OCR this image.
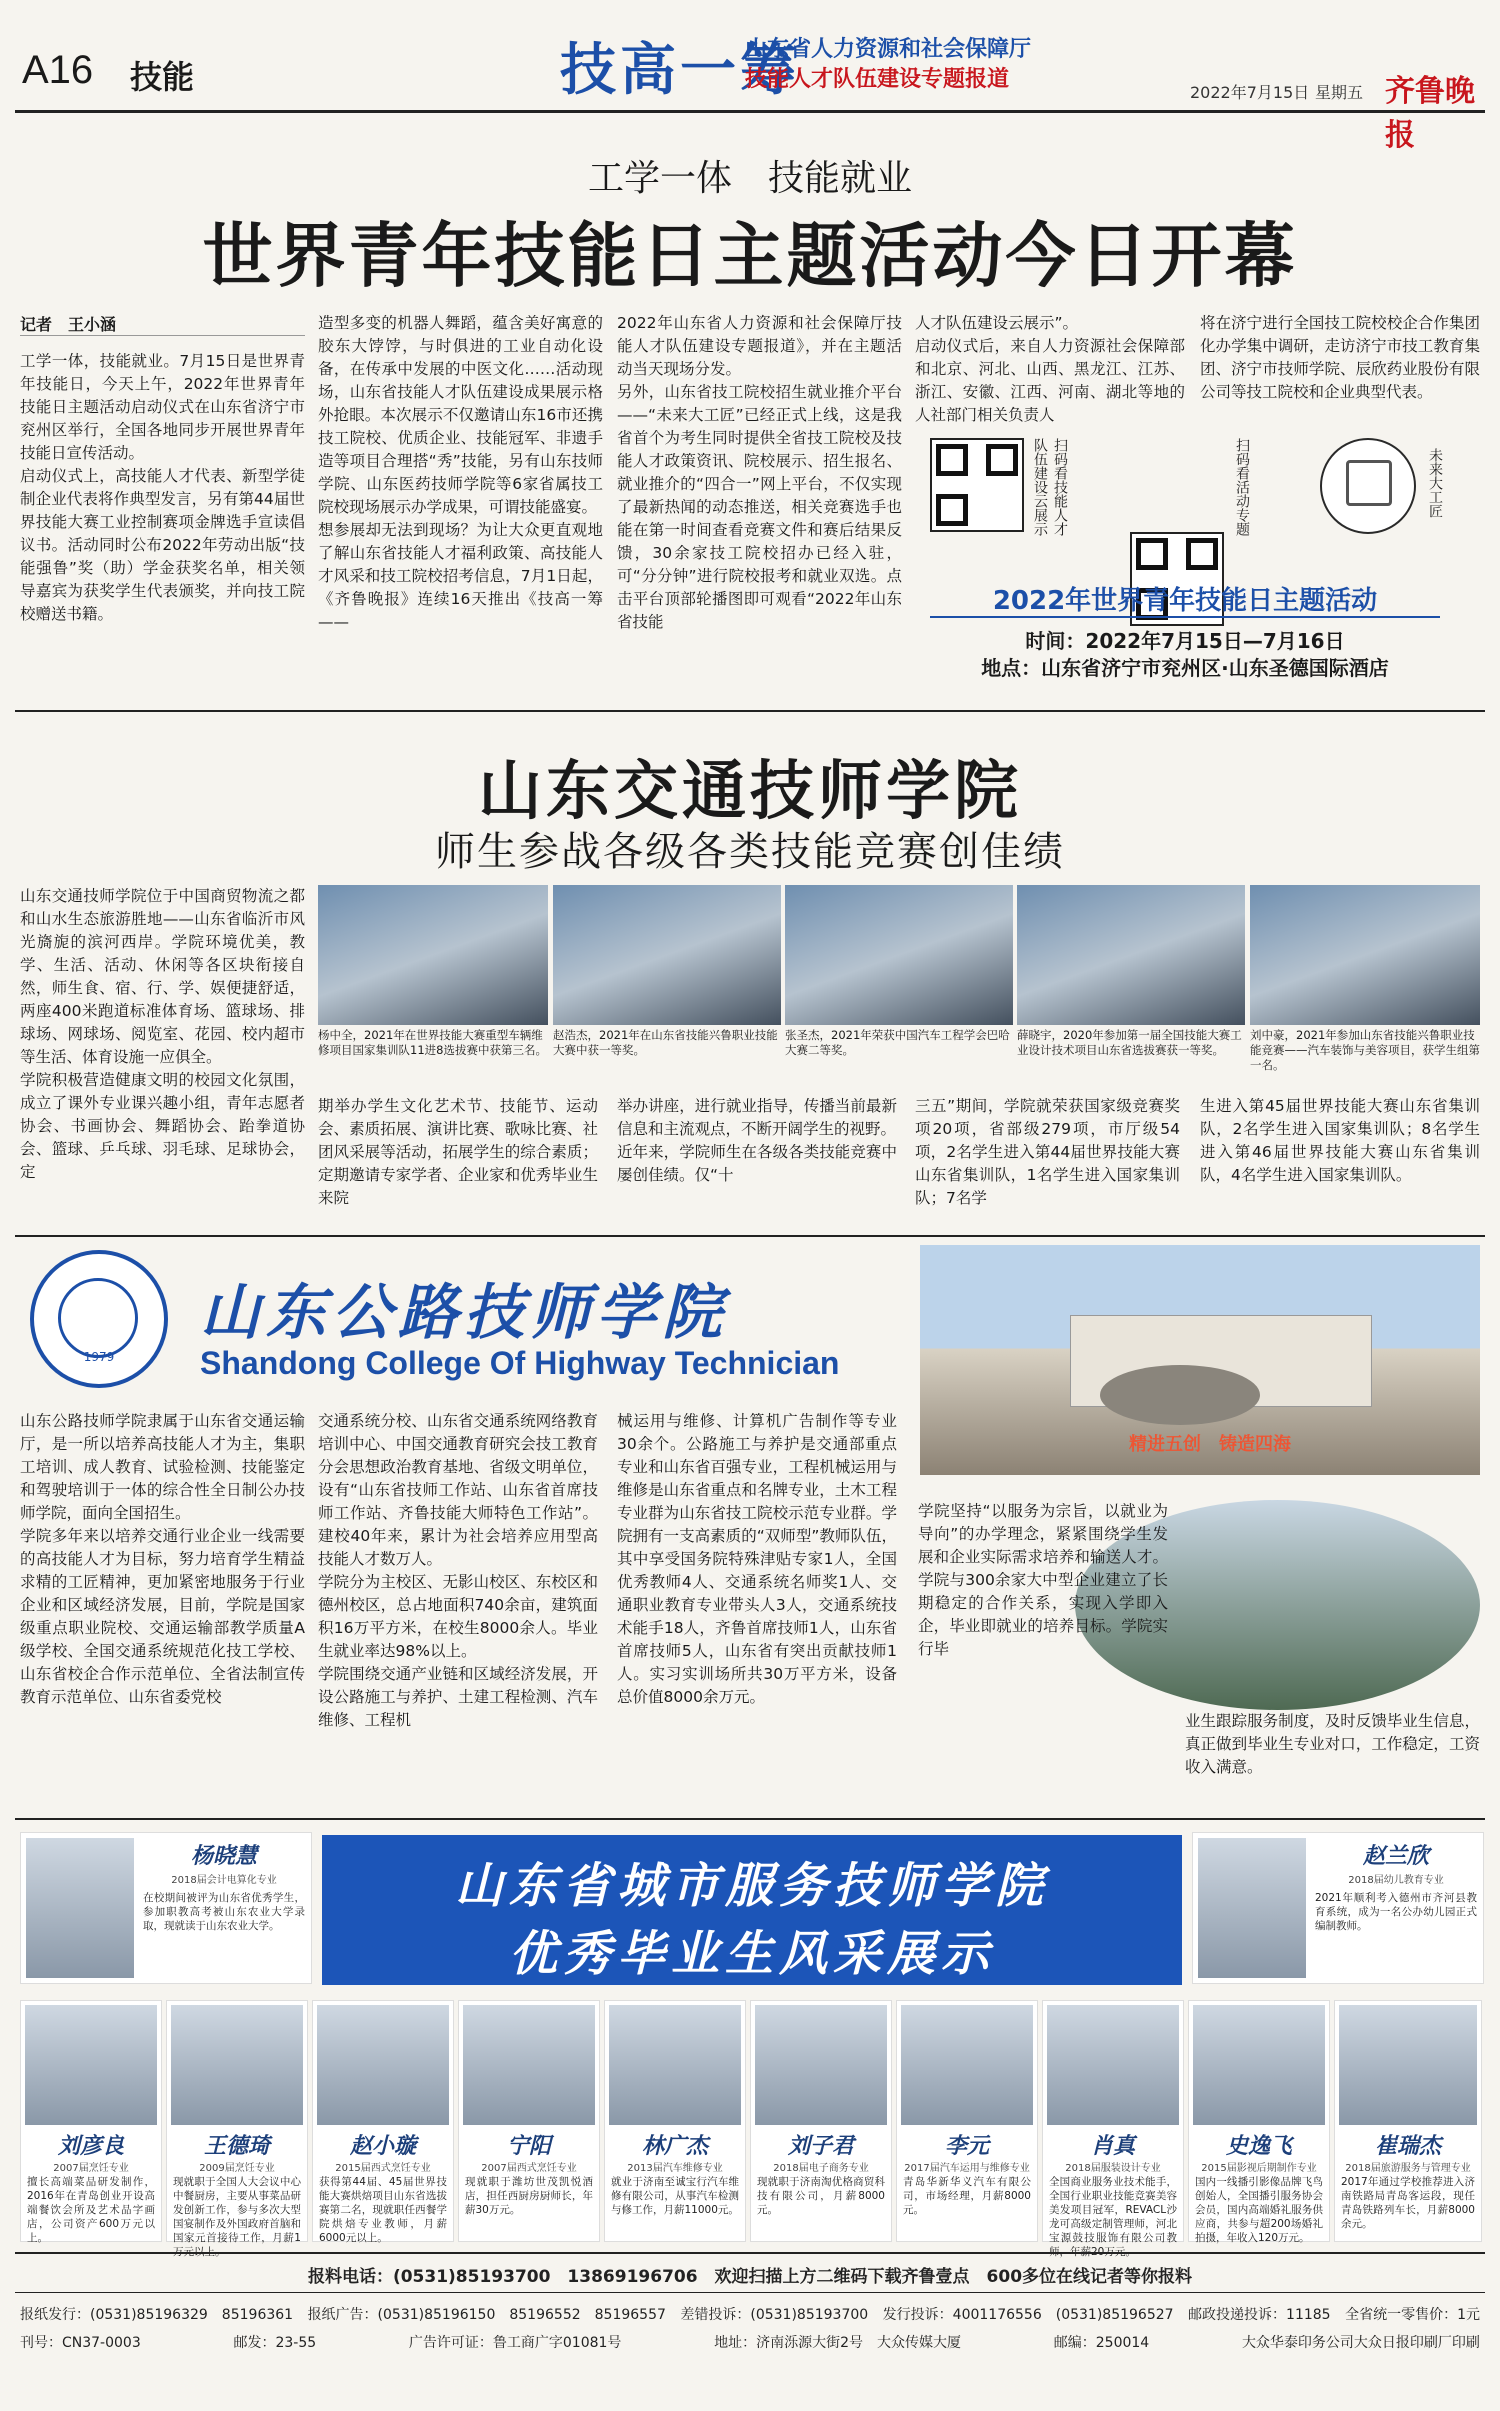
A16 技能	技高一筹
山东省人力资源和社会保障厅
技能人才队伍建设专题报道
2022年7月15日 星期五 齐鲁晚报
工学一体　技能就业
世界青年技能日主题活动今日开幕
记者　王小涵
工学一体，技能就业。7月15日是世界青年技能日，今天上午，2022年世界青年技能日主题活动启动仪式在山东省济宁市兖州区举行，全国各地同步开展世界青年技能日宣传活动。
启动仪式上，高技能人才代表、新型学徒制企业代表将作典型发言，另有第44届世界技能大赛工业控制赛项金牌选手宣读倡议书。活动同时公布2022年劳动出版“技能强鲁”奖（助）学金获奖名单，相关领导嘉宾为获奖学生代表颁奖，并向技工院校赠送书籍。
造型多变的机器人舞蹈，蕴含美好寓意的胶东大饽饽，与时俱进的工业自动化设备，在传承中发展的中医文化……活动现场，山东省技能人才队伍建设成果展示格外抢眼。本次展示不仅邀请山东16市还携技工院校、优质企业、技能冠军、非遗手造等项目合理搭“秀”技能，另有山东技师学院、山东医药技师学院等6家省属技工院校现场展示办学成果，可谓技能盛宴。
想参展却无法到现场？为让大众更直观地了解山东省技能人才福利政策、高技能人才风采和技工院校招考信息，7月1日起，《齐鲁晚报》连续16天推出《技高一筹——
2022年山东省人力资源和社会保障厅技能人才队伍建设专题报道》，并在主题活动当天现场分发。
另外，山东省技工院校招生就业推介平台——“未来大工匠”已经正式上线，这是我省首个为考生同时提供全省技工院校及技能人才政策资讯、院校展示、招生报名、就业推介的“四合一”网上平台，不仅实现了最新热闻的动态推送，相关竞赛选手也能在第一时间查看竞赛文件和赛后结果反馈，30余家技工院校招办已经入驻，可“分分钟”进行院校报考和就业双选。点击平台顶部轮播图即可观看“2022年山东省技能
人才队伍建设云展示”。
启动仪式后，来自人力资源社会保障部和北京、河北、山西、黑龙江、江苏、浙江、安徽、江西、河南、湖北等地的人社部门相关负责人
将在济宁进行全国技工院校校企合作集团化办学集中调研，走访济宁市技工教育集团、济宁市技师学院、辰欣药业股份有限公司等技工院校和企业典型代表。
扫码看技能人才队伍建设云展示	扫码看活动专题	未来大工匠
2022年世界青年技能日主题活动
时间：2022年7月15日—7月16日
地点：山东省济宁市兖州区·山东圣德国际酒店
山东交通技师学院
师生参战各级各类技能竞赛创佳绩
山东交通技师学院位于中国商贸物流之都和山水生态旅游胜地——山东省临沂市风光旖旎的滨河西岸。学院环境优美，教学、生活、活动、休闲等各区块衔接自然，师生食、宿、行、学、娱便捷舒适，两座400米跑道标准体育场、篮球场、排球场、网球场、阅览室、花园、校内超市等生活、体育设施一应俱全。
学院积极营造健康文明的校园文化氛围，成立了课外专业课兴趣小组，青年志愿者协会、书画协会、舞蹈协会、跆拳道协会、篮球、乒乓球、羽毛球、足球协会，定
杨中全，2021年在世界技能大赛重型车辆维修项目国家集训队11进8选拔赛中获第三名。
赵浩杰，2021年在山东省技能兴鲁职业技能大赛中获一等奖。
张圣杰，2021年荣获中国汽车工程学会巴哈大赛二等奖。
薛晓宇，2020年参加第一届全国技能大赛工业设计技术项目山东省选拔赛获一等奖。
刘中豪，2021年参加山东省技能兴鲁职业技能竞赛——汽车装饰与美容项目，获学生组第一名。
期举办学生文化艺术节、技能节、运动会、素质拓展、演讲比赛、歌咏比赛、社团风采展等活动，拓展学生的综合素质；定期邀请专家学者、企业家和优秀毕业生来院
举办讲座，进行就业指导，传播当前最新信息和主流观点，不断开阔学生的视野。
近年来，学院师生在各级各类技能竞赛中屡创佳绩。仅“十
三五”期间，学院就荣获国家级竞赛奖项20项，省部级279项，市厅级54项，2名学生进入第44届世界技能大赛山东省集训队，1名学生进入国家集训队；7名学
生进入第45届世界技能大赛山东省集训队，2名学生进入国家集训队；8名学生进入第46届世界技能大赛山东省集训队，4名学生进入国家集训队。
1979
山东公路技师学院
Shandong College Of Highway Technician
精进五创　铸造四海
山东公路技师学院隶属于山东省交通运输厅，是一所以培养高技能人才为主，集职工培训、成人教育、试验检测、技能鉴定和驾驶培训于一体的综合性全日制公办技师学院，面向全国招生。
学院多年来以培养交通行业企业一线需要的高技能人才为目标，努力培育学生精益求精的工匠精神，更加紧密地服务于行业企业和区域经济发展，目前，学院是国家级重点职业院校、交通运输部教学质量A级学校、全国交通系统规范化技工学校、山东省校企合作示范单位、全省法制宣传教育示范单位、山东省委党校
交通系统分校、山东省交通系统网络教育培训中心、中国交通教育研究会技工教育分会思想政治教育基地、省级文明单位，设有“山东省技师工作站、山东省首席技师工作站、齐鲁技能大师特色工作站”。建校40年来，累计为社会培养应用型高技能人才数万人。
学院分为主校区、无影山校区、东校区和德州校区，总占地面积740余亩，建筑面积16万平方米，在校生8000余人。毕业生就业率达98%以上。
学院围绕交通产业链和区域经济发展，开设公路施工与养护、土建工程检测、汽车维修、工程机
械运用与维修、计算机广告制作等专业30余个。公路施工与养护是交通部重点专业和山东省百强专业，工程机械运用与维修是山东省重点和名牌专业，土木工程专业群为山东省技工院校示范专业群。学院拥有一支高素质的“双师型”教师队伍，其中享受国务院特殊津贴专家1人，全国优秀教师4人、交通系统名师奖1人、交通职业教育专业带头人3人，交通系统技术能手18人，齐鲁首席技师1人，山东省首席技师5人，山东省有突出贡献技师1人。实习实训场所共30万平方米，设备总价值8000余万元。
学院坚持“以服务为宗旨，以就业为导向”的办学理念，紧紧围绕学生发展和企业实际需求培养和输送人才。学院与300余家大中型企业建立了长期稳定的合作关系，实现入学即入企，毕业即就业的培养目标。学院实行毕
业生跟踪服务制度，及时反馈毕业生信息，真正做到毕业生专业对口，工作稳定，工资收入满意。
山东省城市服务技师学院
优秀毕业生风采展示
杨晓慧
2018届会计电算化专业
在校期间被评为山东省优秀学生，参加职教高考被山东农业大学录取，现就读于山东农业大学。
赵兰欣
2018届幼儿教育专业
2021年顺利考入德州市齐河县教育系统，成为一名公办幼儿园正式编制教师。
刘彦良
2007届烹饪专业
擅长高端菜品研发制作，2016年在青岛创业开设高端餐饮会所及艺术品字画店，公司资产600万元以上。
王德琦
2009届烹饪专业
现就职于全国人大会议中心中餐厨房，主要从事菜品研发创新工作，参与多次大型国宴制作及外国政府首脑和国家元首接待工作，月薪1
赵小璇
2015届西式烹饪专业
获得第44届、45届世界技能大赛烘焙项目山东省选拔赛第二名，现就职任西餐学院烘焙专业教师，月薪6000元以上。
宁阳
2007届西式烹饪专业
现就职于潍坊世茂凯悦酒店，担任西厨房厨师长，年薪30万元。
林广杰
2013届汽车维修专业
就业于济南至诚宝行汽车维修有限公司，从事汽车检测与修工作，月薪11000元。
刘子君
2018届电子商务专业
现就职于济南淘优格商贸科技有限公司，月薪8000元。
李元
2017届汽车运用与维修专业
青岛华新华义汽车有限公司，市场经理，月薪8000元。
肖真
2018届服装设计专业
全国商业服务业技术能手，全国行业职业技能竞赛美容美发项目冠军，REVACL沙龙可高级定制管理师，河北宝源鼓技服饰有限公司教
史逸飞
2015届影视后期制作专业
国内一线播引影像品牌飞鸟创始人，全国播引服务协会会员，国内高端婚礼服务供应商，共参与超200场婚礼拍摄，年收入120万元。
崔瑞杰
2018届旅游服务与管理专业
2017年通过学校推荐进入济南铁路局青岛客运段，现任青岛铁路列车长，月薪8000余元。
报料电话：(0531)85193700　13869196706　欢迎扫描上方二维码下载齐鲁壹点　600多位在线记者等你报料
报纸发行：(0531)85196329　85196361 报纸广告：(0531)85196150　85196552　85196557 差错投诉：(0531)85193700 发行投诉：4001176556　(0531)85196527 邮政投递投诉：11185 全省统一零售价：1元
刊号：CN37-0003	邮发：23-55	广告许可证：鲁工商广字01081号	地址：济南泺源大街2号　大众传媒大厦	邮编：250014	大众华泰印务公司大众日报印刷厂印刷
